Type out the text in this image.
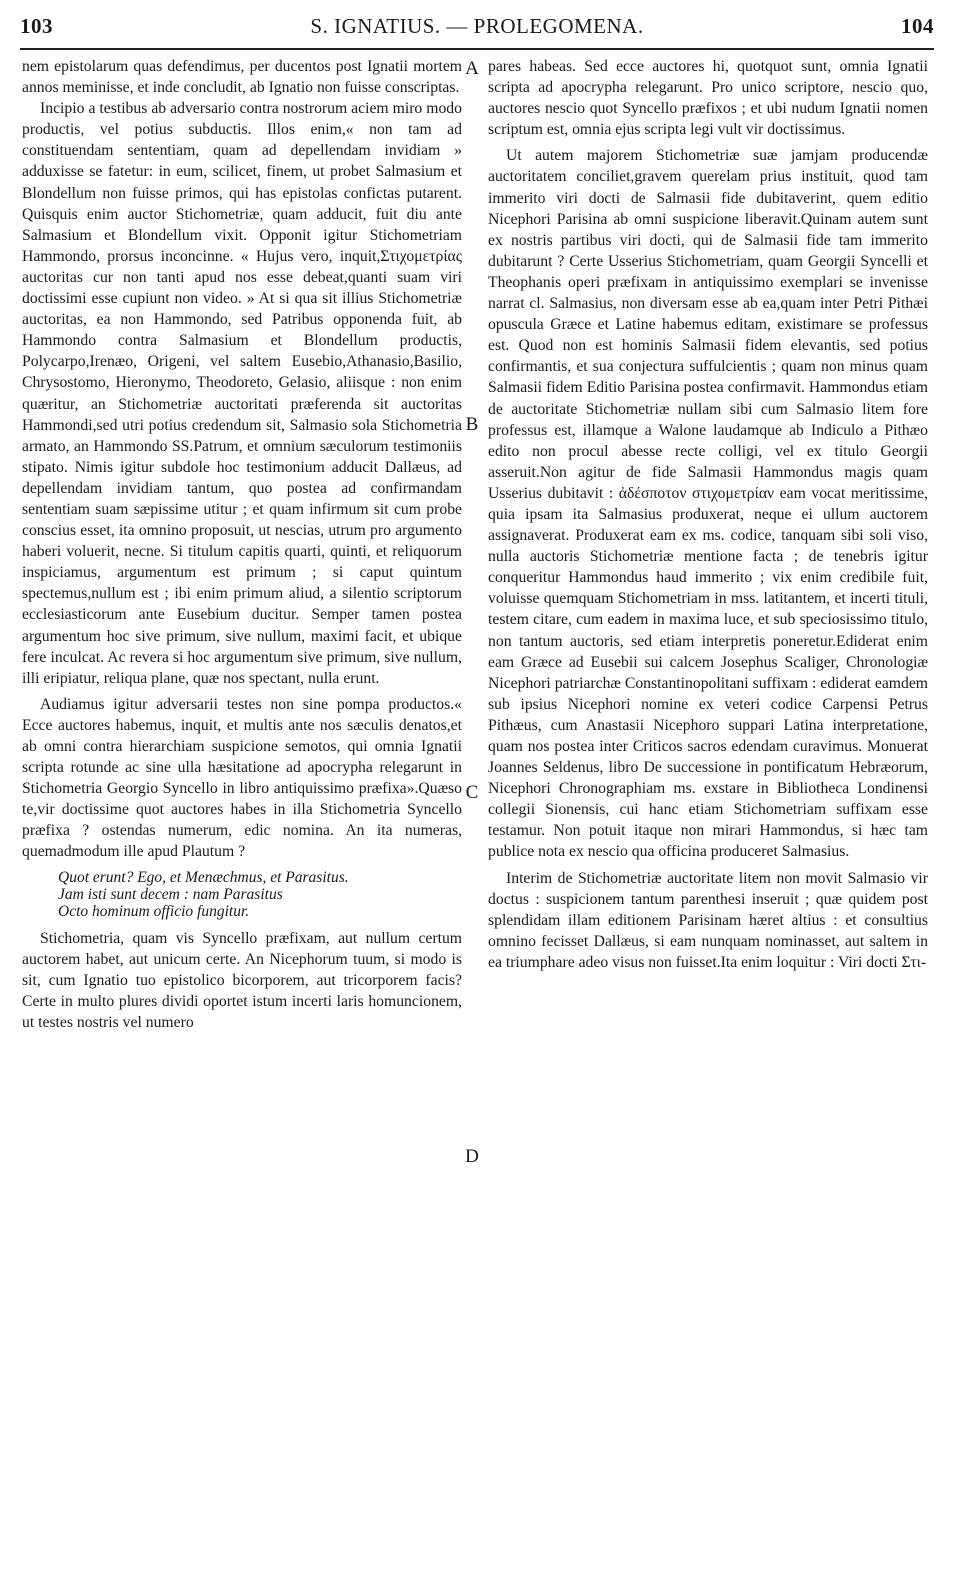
103	S. IGNATIUS. — PROLEGOMENA.	104

nem epistolarum quas defendimus, per ducentos post Ignatii mortem annos meminisse, et inde concludit, ab Ignatio non fuisse conscriptas.

Incipio a testibus ab adversario contra nostrorum aciem miro modo productis, vel potius subductis. Illos enim,« non tam ad constituendam sententiam, quam ad depellendam invidiam » adduxisse se fatetur: in eum, scilicet, finem, ut probet Salmasium et Blondellum non fuisse primos, qui has epistolas confictas putarent. Quisquis enim auctor Stichometriæ, quam adducit, fuit diu ante Salmasium et Blondellum vixit. Opponit igitur Stichometriam Hammondo, prorsus inconcinne. « Hujus vero, inquit,Στιχομετρίας auctoritas cur non tanti apud nos esse debeat,quanti suam viri doctissimi esse cupiunt non video. » At si qua sit illius Stichometriæ auctoritas, ea non Hammondo, sed Patribus opponenda fuit, ab Hammondo contra Salmasium et Blondellum productis, Polycarpo,Irenæo, Origeni, vel saltem Eusebio,Athanasio,Basilio, Chrysostomo, Hieronymo, Theodoreto, Gelasio, aliisque : non enim quæritur, an Stichometriæ auctoritati præferenda sit auctoritas Hammondi,sed utri potius credendum sit, Salmasio sola Stichometria armato, an Hammondo SS.Patrum, et omnium sæculorum testimoniis stipato. Nimis igitur subdole hoc testimonium adducit Dallæus, ad depellendam invidiam tantum, quo postea ad confirmandam sententiam suam sæpissime utitur ; et quam infirmum sit cum probe conscius esset, ita omnino proposuit, ut nescias, utrum pro argumento haberi voluerit, necne. Si titulum capitis quarti, quinti, et reliquorum inspiciamus, argumentum est primum ; si caput quintum spectemus,nullum est ; ibi enim primum aliud, a silentio scriptorum ecclesiasticorum ante Eusebium ducitur. Semper tamen postea argumentum hoc sive primum, sive nullum, maximi facit, et ubique fere inculcat. Ac revera si hoc argumentum sive primum, sive nullum, illi eripiatur, reliqua plane, quæ nos spectant, nulla erunt.

Audiamus igitur adversarii testes non sine pompa productos.« Ecce auctores habemus, inquit, et multis ante nos sæculis denatos,et ab omni contra hierarchiam suspicione semotos, qui omnia Ignatii scripta rotunde ac sine ulla hæsitatione ad apocrypha relegarunt in Stichometria Georgio Syncello in libro antiquissimo præfixa».Quæso te,vir doctissime quot auctores habes in illa Stichometria Syncello præfixa ? ostendas numerum, edic nomina. An ita numeras, quemadmodum ille apud Plautum ?

Quot erunt? Ego, et Menæchmus, et Parasitus.
Jam isti sunt decem : nam Parasitus
Octo hominum officio fungitur.

Stichometria, quam vis Syncello præfixam, aut nullum certum auctorem habet, aut unicum certe. An Nicephorum tuum, si modo is sit, cum Ignatio tuo epistolico bicorporem, aut tricorporem facis? Certe in multo plures dividi oportet istum incerti laris homuncionem, ut testes nostris vel numero

A
B
C
D

pares habeas. Sed ecce auctores hi, quotquot sunt, omnia Ignatii scripta ad apocrypha relegarunt. Pro unico scriptore, nescio quo, auctores nescio quot Syncello præfixos ; et ubi nudum Ignatii nomen scriptum est, omnia ejus scripta legi vult vir doctissimus.

Ut autem majorem Stichometriæ suæ jamjam producendæ auctoritatem conciliet,gravem querelam prius instituit, quod tam immerito viri docti de Salmasii fide dubitaverint, quem editio Nicephori Parisina ab omni suspicione liberavit.Quinam autem sunt ex nostris partibus viri docti, qui de Salmasii fide tam immerito dubitarunt ? Certe Usserius Stichometriam, quam Georgii Syncelli et Theophanis operi præfixam in antiquissimo exemplari se invenisse narrat cl. Salmasius, non diversam esse ab ea,quam inter Petri Pithæi opuscula Græce et Latine habemus editam, existimare se professus est. Quod non est hominis Salmasii fidem elevantis, sed potius confirmantis, et sua conjectura suffulcientis ; quam non minus quam Salmasii fidem Editio Parisina postea confirmavit. Hammondus etiam de auctoritate Stichometriæ nullam sibi cum Salmasio litem fore professus est, illamque a Walone laudamque ab Indiculo a Pithæo edito non procul abesse recte colligi, vel ex titulo Georgii asseruit.Non agitur de fide Salmasii Hammondus magis quam Usserius dubitavit : ἀδέσποτον στιχομετρίαν eam vocat meritissime, quia ipsam ita Salmasius produxerat, neque ei ullum auctorem assignaverat. Produxerat eam ex ms. codice, tanquam sibi soli viso, nulla auctoris Stichometriæ mentione facta ; de tenebris igitur conqueritur Hammondus haud immerito ; vix enim credibile fuit, voluisse quemquam Stichometriam in mss. latitantem, et incerti tituli, testem citare, cum eadem in maxima luce, et sub speciosissimo titulo, non tantum auctoris, sed etiam interpretis poneretur.Ediderat enim eam Græce ad Eusebii sui calcem Josephus Scaliger, Chronologiæ Nicephori patriarchæ Constantinopolitani suffixam : ediderat eamdem sub ipsius Nicephori nomine ex veteri codice Carpensi Petrus Pithæus, cum Anastasii Nicephoro suppari Latina interpretatione, quam nos postea inter Criticos sacros edendam curavimus. Monuerat Joannes Seldenus, libro De successione in pontificatum Hebræorum, Nicephori Chronographiam ms. exstare in Bibliotheca Londinensi collegii Sionensis, cui hanc etiam Stichometriam suffixam esse testamur. Non potuit itaque non mirari Hammondus, si hæc tam publice nota ex nescio qua officina produceret Salmasius.

Interim de Stichometriæ auctoritate litem non movit Salmasio vir doctus : suspicionem tantum parenthesi inseruit ; quæ quidem post splendidam illam editionem Parisinam hæret altius : et consultius omnino fecisset Dallæus, si eam nunquam nominasset, aut saltem in ea triumphare adeo visus non fuisset.Ita enim loquitur : Viri docti Στι-
